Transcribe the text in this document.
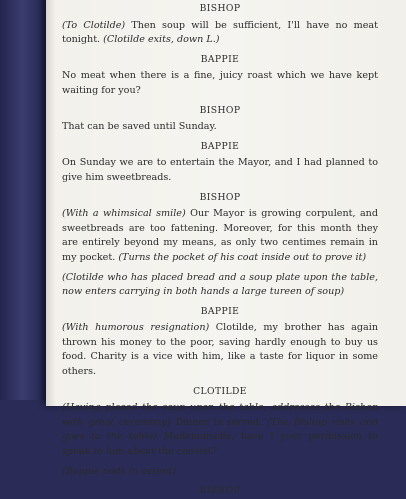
BISHOP
(To Clotilde) Then soup will be sufficient, I'll have no meat tonight. (Clotilde exits, down L.)
BAPPIE
No meat when there is a fine, juicy roast which we have kept waiting for you?
BISHOP
That can be saved until Sunday.
BAPPIE
On Sunday we are to entertain the Mayor, and I had planned to give him sweetbreads.
BISHOP
(With a whimsical smile) Our Mayor is growing corpulent, and sweetbreads are too fattening. Moreover, for this month they are entirely beyond my means, as only two centimes remain in my pocket. (Turns the pocket of his coat inside out to prove it)
(Clotilde who has placed bread and a soup plate upon the table, now enters carrying in both hands a large tureen of soup)
BAPPIE
(With humorous resignation) Clotilde, my brother has again thrown his money to the poor, saving hardly enough to buy us food. Charity is a vice with him, like a taste for liquor in some others.
CLOTILDE
(Having placed the soup upon the table, addresses the Bishop with great ceremony) Dinner is served. (The Bishop rises and goes to the table) Mademoiselle, have I your permission to speak to him about the convict?
(Bappie nods in assent)
BISHOP
